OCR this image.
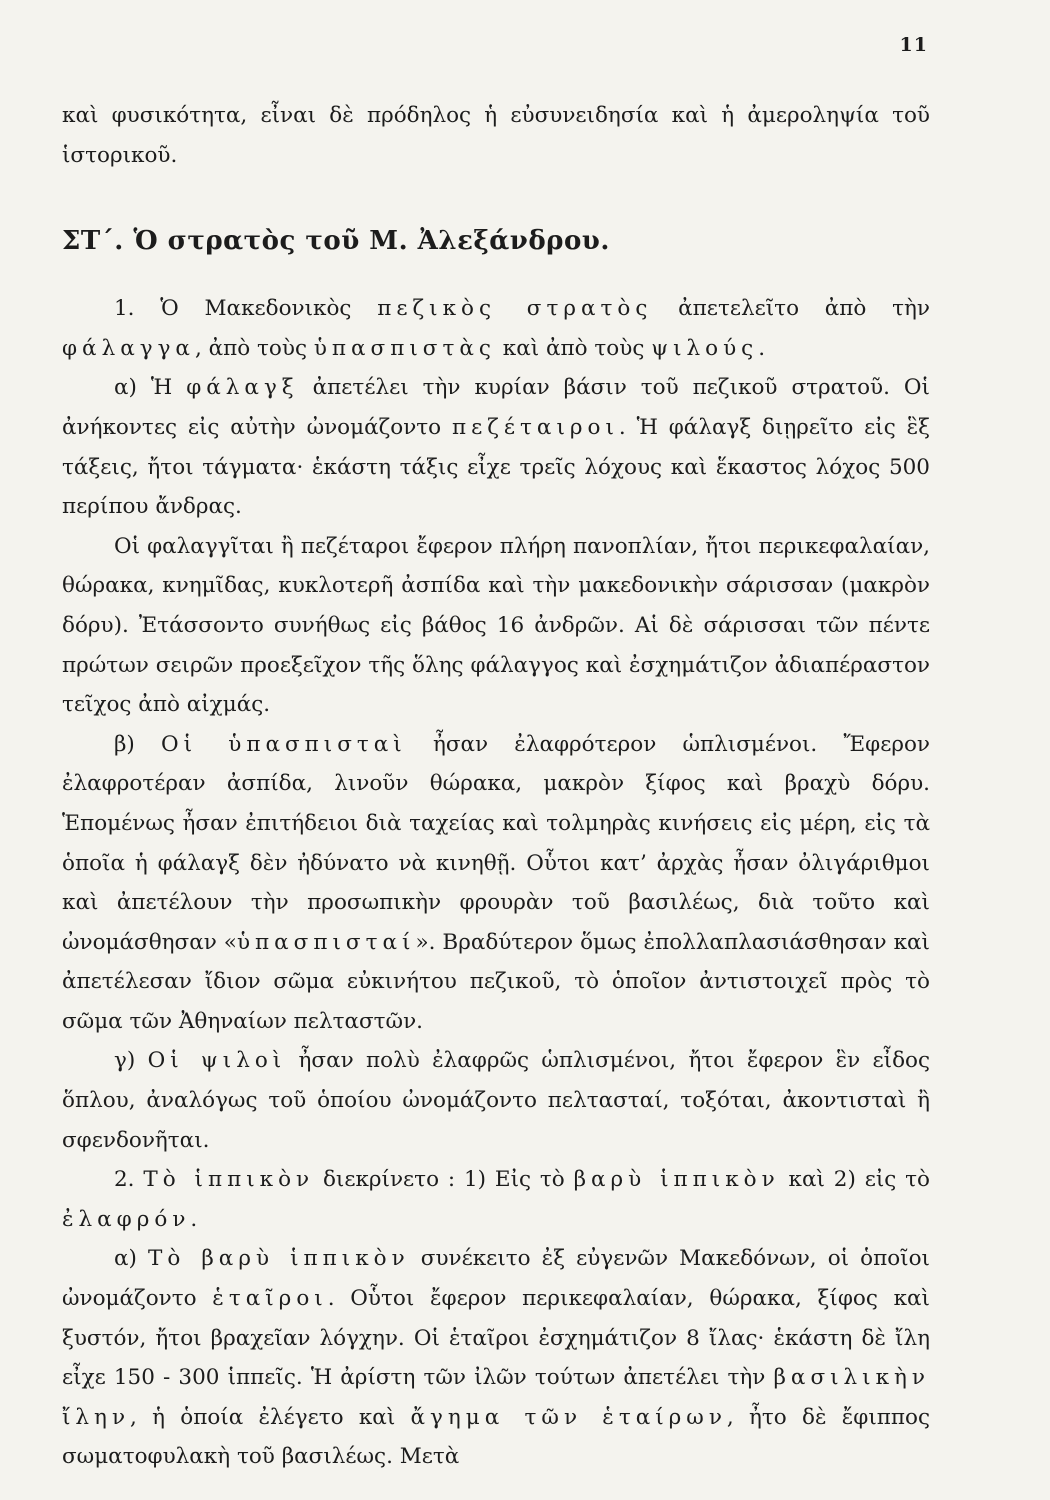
11

καὶ φυσικότητα, εἶναι δὲ πρόδηλος ἡ εὐσυνειδησία καὶ ἡ ἀμεροληψία τοῦ ἱστορικοῦ.

ΣΤ΄. Ὁ στρατὸς τοῦ Μ. Ἀλεξάνδρου.

1. Ὁ Μακεδονικὸς πεζικὸς στρατὸς ἀπετελεῖτο ἀπὸ τὴν φάλαγγα, ἀπὸ τοὺς ὑπασπιστὰς καὶ ἀπὸ τοὺς ψιλούς.

α) Ἡ φάλαγξ ἀπετέλει τὴν κυρίαν βάσιν τοῦ πεζικοῦ στρατοῦ. Οἱ ἀνήκοντες εἰς αὐτὴν ὠνομάζοντο πεζέταιροι. Ἡ φάλαγξ διῃρεῖτο εἰς ἓξ τάξεις, ἤτοι τάγματα· ἑκάστη τάξις εἶχε τρεῖς λόχους καὶ ἕκαστος λόχος 500 περίπου ἄνδρας.

Οἱ φαλαγγῖται ἢ πεζέταροι ἔφερον πλήρη πανοπλίαν, ἤτοι περικεφαλαίαν, θώρακα, κνημῖδας, κυκλοτερῆ ἀσπίδα καὶ τὴν μακεδονικὴν σάρισσαν (μακρὸν δόρυ). Ἐτάσσοντο συνήθως εἰς βάθος 16 ἀνδρῶν. Αἱ δὲ σάρισσαι τῶν πέντε πρώτων σειρῶν προεξεῖχον τῆς ὅλης φάλαγγος καὶ ἐσχημάτιζον ἀδιαπέραστον τεῖχος ἀπὸ αἰχμάς.

β) Οἱ ὑπασπισταὶ ἦσαν ἐλαφρότερον ὡπλισμένοι. Ἔφερον ἐλαφροτέραν ἀσπίδα, λινοῦν θώρακα, μακρὸν ξίφος καὶ βραχὺ δόρυ. Ἑπομένως ἦσαν ἐπιτήδειοι διὰ ταχείας καὶ τολμηρὰς κινήσεις εἰς μέρη, εἰς τὰ ὁποῖα ἡ φάλαγξ δὲν ἠδύνατο νὰ κινηθῇ. Οὗτοι κατ’ ἀρχὰς ἦσαν ὀλιγάριθμοι καὶ ἀπετέλουν τὴν προσωπικὴν φρουρὰν τοῦ βασιλέως, διὰ τοῦτο καὶ ὠνομάσθησαν «ὑπασπισταί». Βραδύτερον ὅμως ἐπολλαπλασιάσθησαν καὶ ἀπετέλεσαν ἴδιον σῶμα εὐκινήτου πεζικοῦ, τὸ ὁποῖον ἀντιστοιχεῖ πρὸς τὸ σῶμα τῶν Ἀθηναίων πελταστῶν.

γ) Οἱ ψιλοὶ ἦσαν πολὺ ἐλαφρῶς ὡπλισμένοι, ἤτοι ἔφερον ἓν εἶδος ὅπλου, ἀναλόγως τοῦ ὁποίου ὠνομάζοντο πελτασταί, τοξόται, ἀκοντισταὶ ἢ σφενδονῆται.

2. Τὸ ἱππικὸν διεκρίνετο : 1) Εἰς τὸ βαρὺ ἱππικὸν καὶ 2) εἰς τὸ ἐλαφρόν.

α) Τὸ βαρὺ ἱππικὸν συνέκειτο ἐξ εὐγενῶν Μακεδόνων, οἱ ὁποῖοι ὠνομάζοντο ἑταῖροι. Οὗτοι ἔφερον περικεφαλαίαν, θώρακα, ξίφος καὶ ξυστόν, ἤτοι βραχεῖαν λόγχην. Οἱ ἑταῖροι ἐσχημάτιζον 8 ἴλας· ἑκάστη δὲ ἴλη εἶχε 150 - 300 ἱππεῖς. Ἡ ἀρίστη τῶν ἰλῶν τούτων ἀπετέλει τὴν βασιλικὴν ἴλην, ἡ ὁποία ἐλέγετο καὶ ἄγημα τῶν ἑταίρων, ἦτο δὲ ἔφιππος σωματοφυλακὴ τοῦ βασιλέως. Μετὰ
